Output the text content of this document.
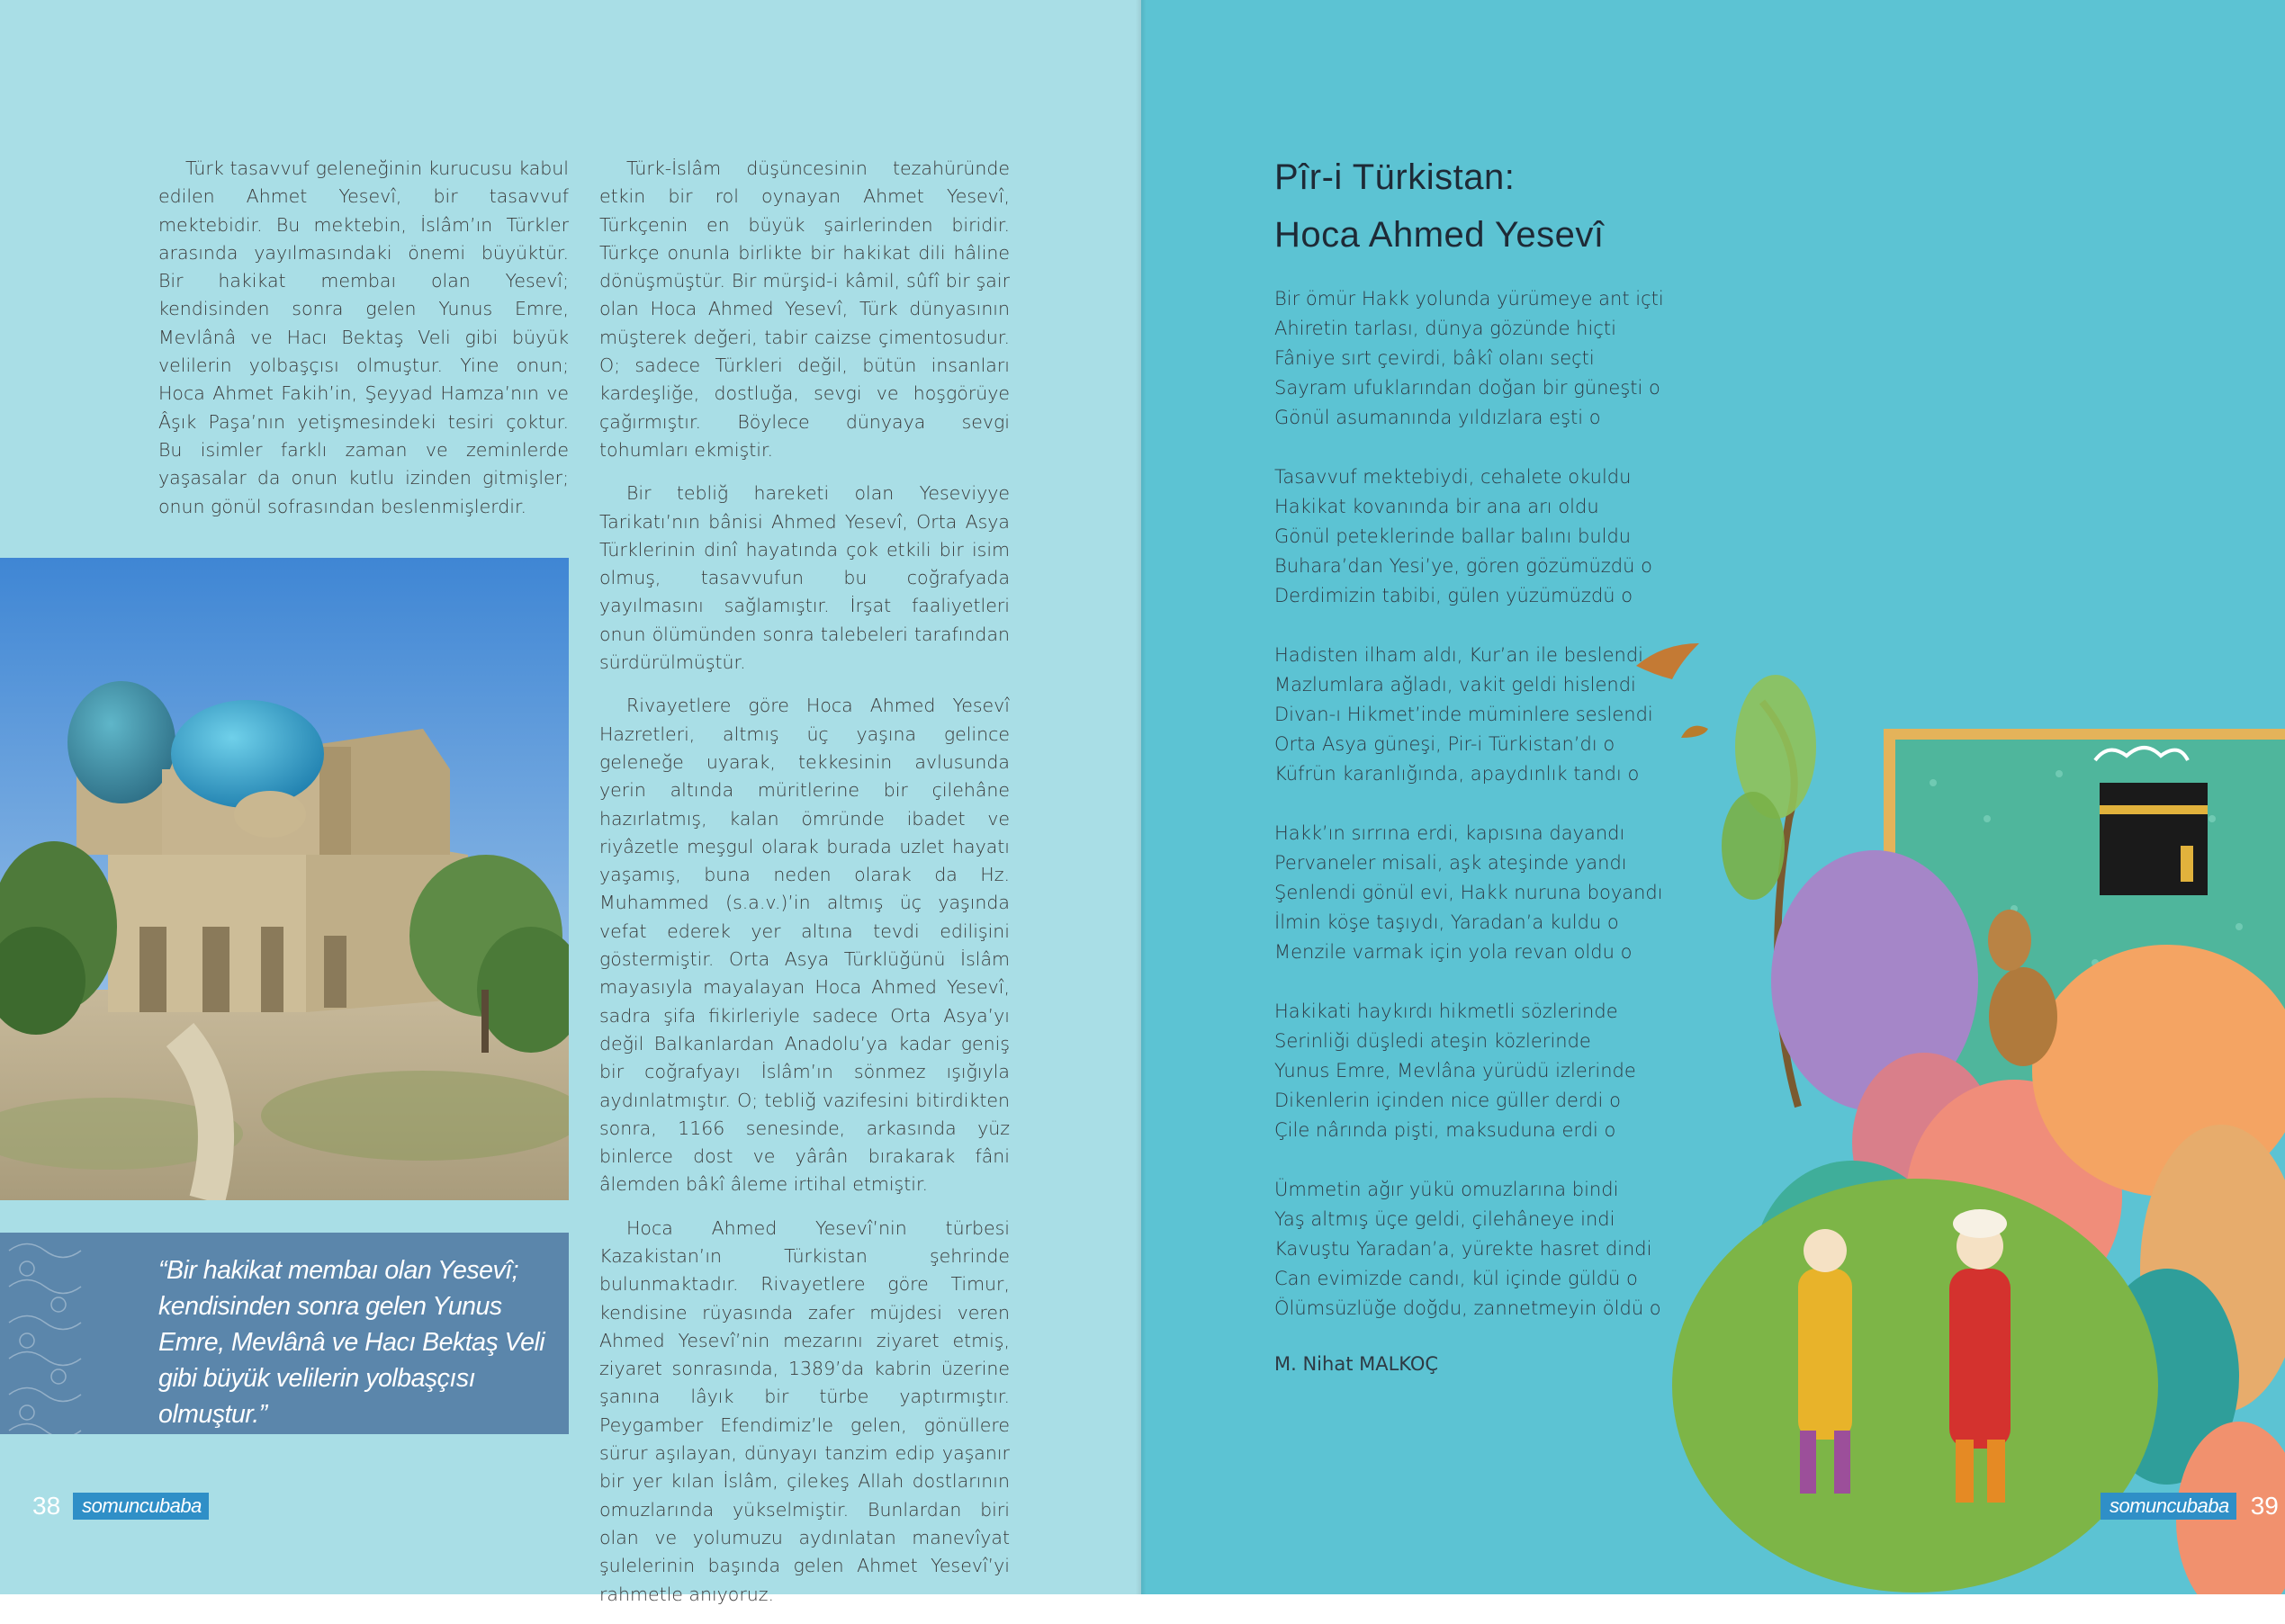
Türk tasavvuf geleneğinin kurucusu kabul edilen Ahmet Yesevî, bir tasavvuf mektebidir. Bu mektebin, İslâm’ın Türkler arasında yayılmasındaki önemi büyüktür. Bir hakikat membaı olan Yesevî; kendisinden sonra gelen Yunus Emre, Mevlânâ ve Hacı Bektaş Veli gibi büyük velilerin yolbaşçısı olmuştur. Yine onun; Hoca Ahmet Fakih’in, Şeyyad Hamza’nın ve Âşık Paşa’nın yetişmesindeki tesiri çoktur. Bu isimler farklı zaman ve zeminlerde yaşasalar da onun kutlu izinden gitmişler; onun gönül sofrasından beslenmişlerdir.

Türk-İslâm düşüncesinin tezahüründe etkin bir rol oynayan Ahmet Yesevî, Türkçenin en büyük şairlerinden biridir. Türkçe onunla birlikte bir hakikat dili hâline dönüşmüştür. Bir mürşid-i kâmil, sûfî bir şair olan Hoca Ahmed Yesevî, Türk dünyasının müşterek değeri, tabir caizse çimentosudur. O; sadece Türkleri değil, bütün insanları kardeşliğe, dostluğa, sevgi ve hoşgörüye çağırmıştır. Böylece dünyaya sevgi tohumları ekmiştir.

Bir tebliğ hareketi olan Yeseviyye Tarikatı’nın bânisi Ahmed Yesevî, Orta Asya Türklerinin dinî hayatında çok etkili bir isim olmuş, tasavvufun bu coğrafyada yayılmasını sağlamıştır. İrşat faaliyetleri onun ölümünden sonra talebeleri tarafından sürdürülmüştür.

Rivayetlere göre Hoca Ahmed Yesevî Hazretleri, altmış üç yaşına gelince geleneğe uyarak, tekkesinin avlusunda yerin altında müritlerine bir çilehâne hazırlatmış, kalan ömründe ibadet ve riyâzetle meşgul olarak burada uzlet hayatı yaşamış, buna neden olarak da Hz. Muhammed (s.a.v.)’in altmış üç yaşında vefat ederek yer altına tevdi edilişini göstermiştir. Orta Asya Türklüğünü İslâm mayasıyla mayalayan Hoca Ahmed Yesevî, sadra şifa fikirleriyle sadece Orta Asya’yı değil Balkanlardan Anadolu’ya kadar geniş bir coğrafyayı İslâm’ın sönmez ışığıyla aydınlatmıştır. O; tebliğ vazifesini bitirdikten sonra, 1166 senesinde, arkasında yüz binlerce dost ve yârân bırakarak fâni âlemden bâkî âleme irtihal etmiştir.

Hoca Ahmed Yesevî’nin türbesi Kazakistan’ın Türkistan şehrinde bulunmaktadır. Rivayetlere göre Timur, kendisine rüyasında zafer müjdesi veren Ahmed Yesevî’nin mezarını ziyaret etmiş, ziyaret sonrasında, 1389’da kabrin üzerine şanına lâyık bir türbe yaptırmıştır. Peygamber Efendimiz’le gelen, gönüllere sürur aşılayan, dünyayı tanzim edip yaşanır bir yer kılan İslâm, çilekeş Allah dostlarının omuzlarında yükselmiştir. Bunlardan biri olan ve yolumuzu aydınlatan manevîyat şulelerinin başında gelen Ahmet Yesevî’yi rahmetle anıyoruz.

“Bir hakikat membaı olan Yesevî; kendisinden sonra gelen Yunus Emre, Mevlânâ ve Hacı Bektaş Veli gibi büyük velilerin yolbaşçısı olmuştur.”
38	somuncubaba
Pîr-i Türkistan:
Hoca Ahmed Yesevî
Bir ömür Hakk yolunda yürümeye ant içti
Ahiretin tarlası, dünya gözünde hiçti
Fâniye sırt çevirdi, bâkî olanı seçti
Sayram ufuklarından doğan bir güneşti o
Gönül asumanında yıldızlara eşti o
Tasavvuf mektebiydi, cehalete okuldu
Hakikat kovanında bir ana arı oldu
Gönül peteklerinde ballar balını buldu
Buhara’dan Yesi’ye, gören gözümüzdü o
Derdimizin tabibi, gülen yüzümüzdü o
Hadisten ilham aldı, Kur’an ile beslendi
Mazlumlara ağladı, vakit geldi hislendi
Divan-ı Hikmet’inde müminlere seslendi
Orta Asya güneşi, Pir-i Türkistan’dı o
Küfrün karanlığında, apaydınlık tandı o
Hakk’ın sırrına erdi, kapısına dayandı
Pervaneler misali, aşk ateşinde yandı
Şenlendi gönül evi, Hakk nuruna boyandı
İlmin köşe taşıydı, Yaradan’a kuldu o
Menzile varmak için yola revan oldu o
Hakikati haykırdı hikmetli sözlerinde
Serinliği düşledi ateşin közlerinde
Yunus Emre, Mevlâna yürüdü izlerinde
Dikenlerin içinden nice güller derdi o
Çile nârında pişti, maksuduna erdi o
Ümmetin ağır yükü omuzlarına bindi
Yaş altmış üçe geldi, çilehâneye indi
Kavuştu Yaradan’a, yürekte hasret dindi
Can evimizde candı, kül içinde güldü o
Ölümsüzlüğe doğdu, zannetmeyin öldü o
M. Nihat MALKOÇ
somuncubaba 39
